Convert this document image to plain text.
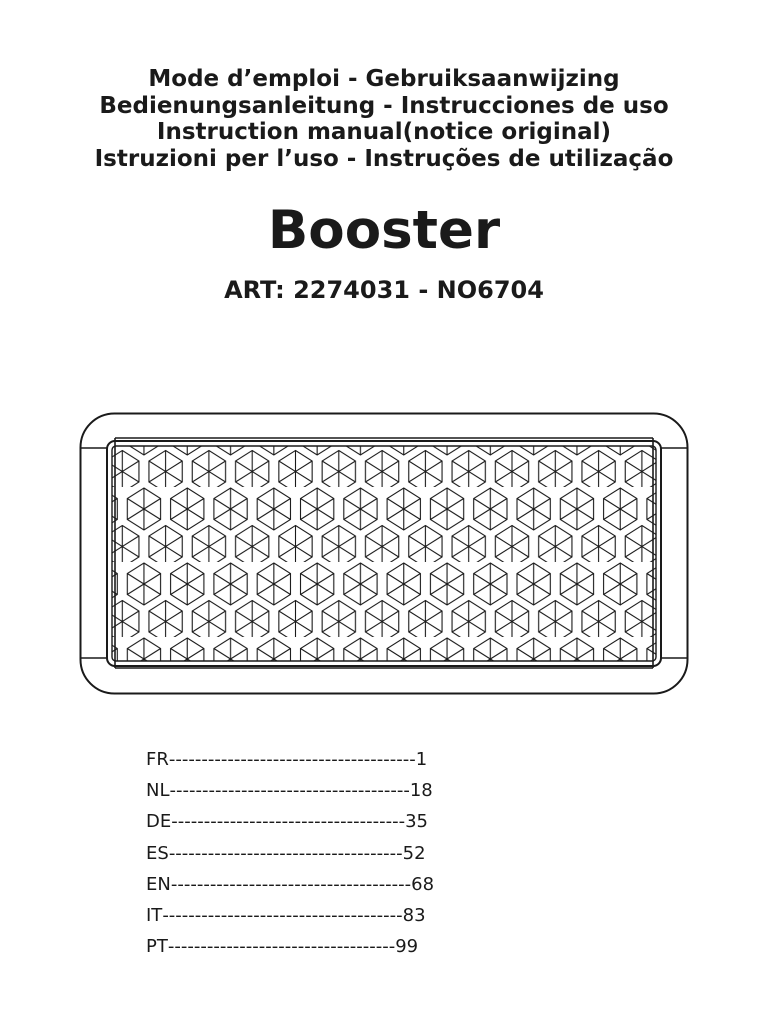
Mode d’emploi - Gebruiksaanwijzing
Bedienungsanleitung - Instrucciones de uso
Instruction manual(notice original)
Istruzioni per l’uso - Instruções de utilização
Booster
ART: 2274031 - NO6704
FR--------------------------------------1
NL-------------------------------------18
DE------------------------------------35
ES------------------------------------52
EN-------------------------------------68
IT-------------------------------------83
PT-----------------------------------99
